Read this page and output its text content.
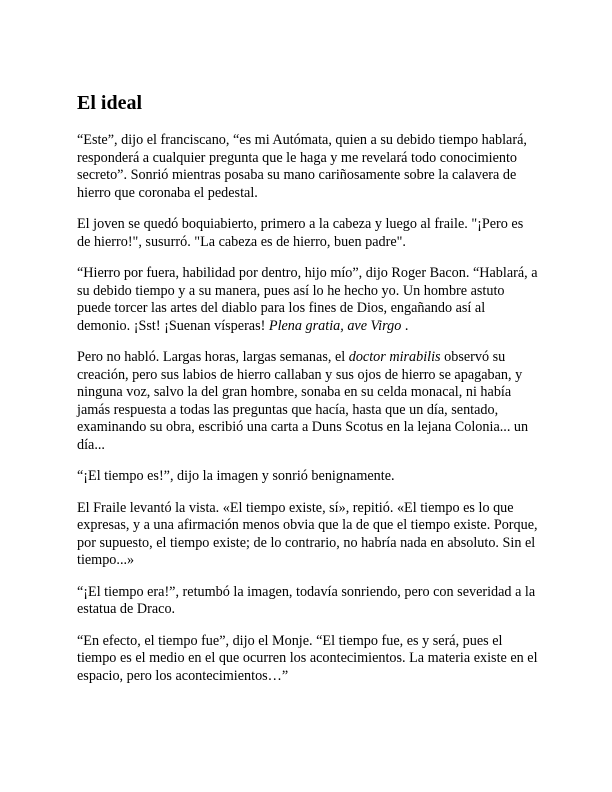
El ideal

“Este”, dijo el franciscano, “es mi Autómata, quien a su debido tiempo hablará, responderá a cualquier pregunta que le haga y me revelará todo conocimiento secreto”. Sonrió mientras posaba su mano cariñosamente sobre la calavera de hierro que coronaba el pedestal.

El joven se quedó boquiabierto, primero a la cabeza y luego al fraile. "¡Pero es de hierro!", susurró. "La cabeza es de hierro, buen padre".

“Hierro por fuera, habilidad por dentro, hijo mío”, dijo Roger Bacon. “Hablará, a su debido tiempo y a su manera, pues así lo he hecho yo. Un hombre astuto puede torcer las artes del diablo para los fines de Dios, engañando así al demonio. ¡Sst! ¡Suenan vísperas! Plena gratia, ave Virgo .

Pero no habló. Largas horas, largas semanas, el doctor mirabilis observó su creación, pero sus labios de hierro callaban y sus ojos de hierro se apagaban, y ninguna voz, salvo la del gran hombre, sonaba en su celda monacal, ni había jamás respuesta a todas las preguntas que hacía, hasta que un día, sentado, examinando su obra, escribió una carta a Duns Scotus en la lejana Colonia... un día...

“¡El tiempo es!”, dijo la imagen y sonrió benignamente.

El Fraile levantó la vista. «El tiempo existe, sí», repitió. «El tiempo es lo que expresas, y a una afirmación menos obvia que la de que el tiempo existe. Porque, por supuesto, el tiempo existe; de lo contrario, no habría nada en absoluto. Sin el tiempo...»

“¡El tiempo era!”, retumbó la imagen, todavía sonriendo, pero con severidad a la estatua de Draco.

“En efecto, el tiempo fue”, dijo el Monje. “El tiempo fue, es y será, pues el tiempo es el medio en el que ocurren los acontecimientos. La materia existe en el espacio, pero los acontecimientos…”
